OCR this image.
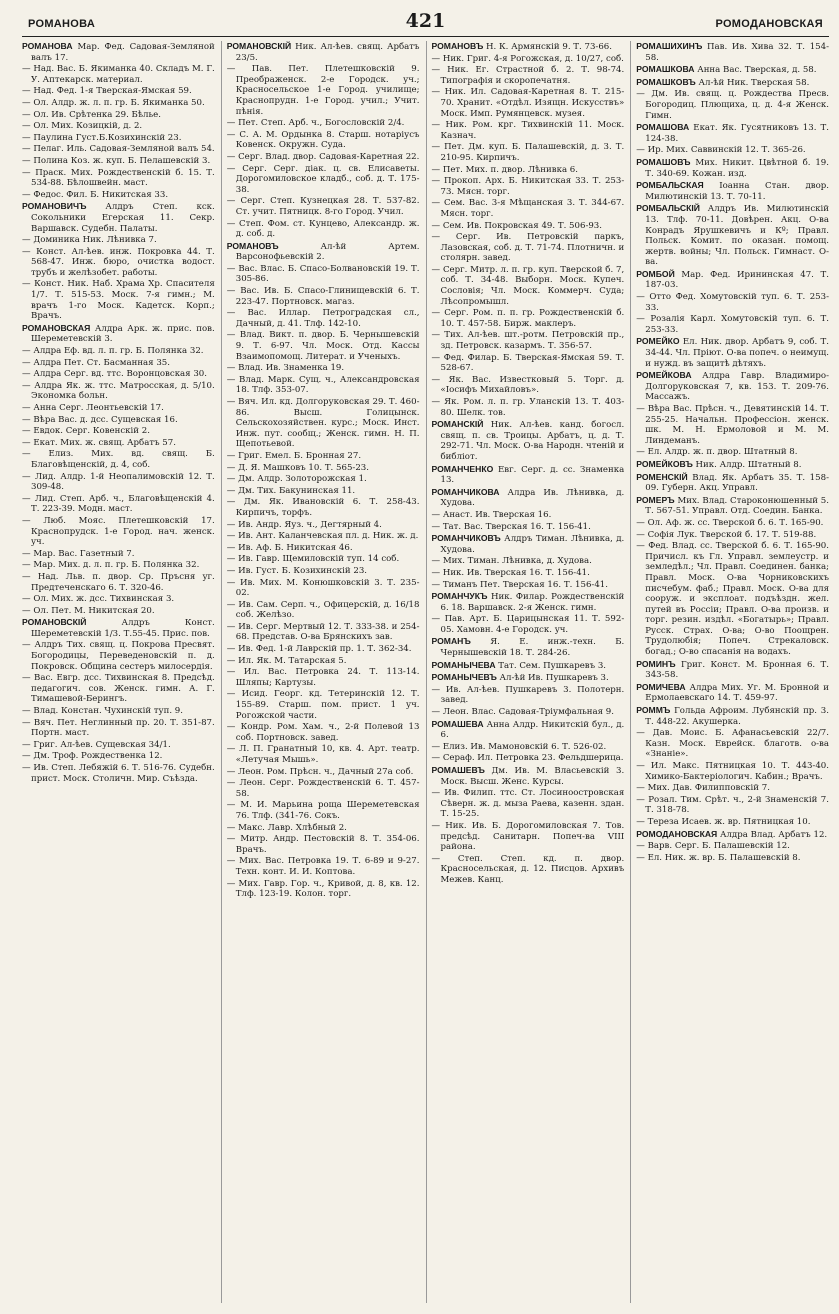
РОМАНОВА	421	РОМОДАНОВСКАЯ
РОМАНОВА Мар. Фед. Садовая-Земляной валъ 17.
— Над. Вас. Б. Якиманка 40. Складъ М. Г. У. Аптекарск. материал.
— Над. Фед. 1-я Тверская-Ямская 59.
— Ол. Алдр. ж. л. п. гр. Б. Якиманка 50.
— Ол. Ив. Срѣтенка 29. Бѣлье.
— Ол. Мих. Козицкій, д. 2.
— Паулина Густ.Б.Козихинскій 23.
— Пелаг. Иль. Садовая-Земляной валъ 54.
— Полина Коз. ж. куп. Б. Пелашевскій 3.
— Праск. Мих. Рождественскій б. 15. Т. 534-88. Бѣлошвейн. маст.
— Федос. Фил. Б. Никитская 33.
РОМАНОВИЧЪ Алдръ Степ. кск. Сокольники Егерская 11. Секр. Варшавск. Судебн. Палаты.
— Доминика Ник. Лѣнивка 7.
— Конст. Ал-ѣев. инж. Покровка 44. Т. 568-47. Инж. бюро, очистка водост. трубъ и желѣзобет. работы.
— Конст. Ник. Наб. Храма Хр. Спасителя 1/7. Т. 515-53. Моск. 7-я гимн.; М. врачъ 1-го Моск. Кадетск. Корп.; Врачъ.
РОМАНОВСКАЯ Алдра Арк. ж. прис. пов. Шереметевскій 3.
— Алдра Еф. вд. л. п. гр. Б. Полянка 32.
— Алдра Пет. Ст. Басманная 35.
— Алдра Серг. вд. ттс. Воронцовская 30.
— Алдра Як. ж. ттс. Матросская, д. 5/10. Экономка больн.
— Анна Серг. Леонтьевскій 17.
— Вѣра Вас. д. дсс. Сущевская 16.
— Евдок. Серг. Ковенскій 2.
— Екат. Мих. ж. свящ. Арбатъ 57.
— Елиз. Мих. вд. свящ. Б. Благовѣщенскій, д. 4, соб.
— Лид. Алдр. 1-й Неопалимовскій 12. Т. 309-48.
— Лид. Степ. Арб. ч., Благовѣщенскій 4. Т. 223-39. Модн. маст.
— Люб. Мояс. Плетешковскій 17. Краснопрудск. 1-е Город. нач. женск. уч.
— Мар. Вас. Газетный 7.
— Мар. Мих. д. л. п. гр. Б. Полянка 32.
— Над. Льв. п. двор. Ср. Пръсня уг. Предтеченскаго 6. Т. 320-46.
— Ол. Мих. ж. дсс. Тихвинская 3.
— Ол. Пет. М. Никитская 20.
РОМАНОВСКІЙ Алдръ Конст. Шереметевскій 1/3. Т.55-45. Прис. пов.
— Алдръ Тих. свящ. ц. Покрова Пресвят. Богородицы, Переведеновскій п. д. Покровск. Община сестеръ милосердія.
— Вас. Евгр. дсс. Тихвинская 8. Предсѣд. педагогич. сов. Женск. гимн. А. Г. Тимашевой-Берингъ.
— Влад. Констан. Чухинскій туп. 9.
— Вяч. Пет. Неглинный пр. 20. Т. 351-87. Портн. маст.
— Григ. Ал-ѣев. Сущевская 34/1.
— Дм. Троф. Рождественка 12.
— Ив. Степ. Лебяжій 6. Т. 516-76. Судебн. прист. Моск. Столичн. Мир. Съѣзда.
РОМАНОВСКІЙ Ник. Ал-ѣев. свящ. Арбатъ 23/5.
— Пав. Пет. Плетешковскій 9. Преображенск. 2-е Городск. уч.; Красносельское 1-е Город. училище; Краснопрудн. 1-е Город. учил.; Учит. пѣнія.
— Пет. Степ. Арб. ч., Богословскій 2/4.
— С. А. М. Ордынка 8. Старш. нотаріусъ Ковенск. Окружн. Суда.
— Серг. Влад. двор. Садовая-Каретная 22.
— Серг. Серг. діак. ц. св. Елисаветы. Дорогомиловское кладб., соб. д. Т. 175-38.
— Серг. Степ. Кузнецкая 28. Т. 537-82. Ст. учит. Пятницк. 8-го Город. Учил.
— Степ. Фом. ст. Кунцево, Александр. ж. д. соб. д.
РОМАНОВЪ Ал-ѣй Артем. Варсонофьевскій 2.
— Вас. Влас. Б. Спасо-Болвановскій 19. Т. 305-86.
— Вас. Ив. Б. Спасо-Глинищевскій 6. Т. 223-47. Портновск. магаз.
— Вас. Иллар. Петроградская сл., Дачный, д. 41. Тлф. 142-10.
— Влад. Викт. п. двор. Б. Чернышевскій 9. Т. 6-97. Чл. Моск. Отд. Кассы Взаимопомощ. Литерат. и Ученыхъ.
— Влад. Ив. Знаменка 19.
— Влад. Марк. Сущ. ч., Александровская 18. Тлф. 353-07.
— Вяч. Ил. кд. Долгоруковская 29. Т. 460-86. Высш. Голицынск. Сельскохозяйствен. курс.; Моск. Инст. Инж. пут. сообщ.; Женск. гимн. Н. П. Щепотьевой.
— Григ. Емел. Б. Бронная 27.
— Д. Я. Машковъ 10. Т. 565-23.
— Дм. Алдр. Золоторожская 1.
— Дм. Тих. Бакунинская 11.
— Дм. Як. Ивановскій 6. Т. 258-43. Кирпичъ, торфъ.
— Ив. Андр. Яуз. ч., Дегтярный 4.
— Ив. Ант. Каланчевская пл. д. Ник. ж. д.
— Ив. Аф. Б. Никитская 46.
— Ив. Гавр. Щемиловскій туп. 14 соб.
— Ив. Густ. Б. Козихинскій 23.
— Ив. Мих. М. Конюшковскій 3. Т. 235-02.
— Ив. Сам. Серп. ч., Офицерскій, д. 16/18 соб. Желѣзо.
— Ив. Серг. Мертвый 12. Т. 333-38. и 254-68. Представ. О-ва Брянскихъ зав.
— Ив. Фед. 1-й Лаврскій пр. 1. Т. 362-34.
— Ил. Як. М. Татарская 5.
— Ил. Вас. Петровка 24. Т. 113-14. Шляпы; Картузы.
— Исид. Георг. кд. Тетеринскій 12. Т. 155-89. Старш. пом. прист. 1 уч. Рогожской части.
— Кондр. Ром. Хам. ч., 2-й Полевой 13 соб. Портновск. завед.
— Л. П. Гранатный 10, кв. 4. Арт. театр. «Летучая Мышь».
— Леон. Ром. Прѣсн. ч., Дачный 27а соб.
— Леон. Серг. Рождественскій 6. Т. 457-58.
— М. И. Марьина роща Шереметевская 76. Тлф. (341-76. Сокъ.
— Макс. Лавр. Хлѣбный 2.
— Митр. Андр. Пестовскій 8. Т. 354-06. Врачъ.
— Мих. Вас. Петровка 19. Т. 6-89 и 9-27. Техн. конт. И. И. Коптова.
— Мих. Гавр. Гор. ч., Кривой, д. 8, кв. 12. Тлф. 123-19. Колон. торг.
РОМАНОВЪ Н. К. Армянскій 9. Т. 73-66.
— Ник. Григ. 4-я Рогожская, д. 10/27, соб.
— Ник. Ег. Страстной б. 2. Т. 98-74. Типографія и скоропечатня.
— Ник. Ил. Садовая-Каретная 8. Т. 215-70. Хранит. «Отдѣл. Изящн. Искусствъ» Моск. Имп. Румянцевск. музея.
— Ник. Ром. крг. Тихвинскій 11. Моск. Казнач.
— Пет. Дм. куп. Б. Палашевскій, д. 3. Т. 210-95. Кирпичъ.
— Пет. Мих. п. двор. Лѣнивка 6.
— Прокоп. Арх. Б. Никитская 33. Т. 253-73. Мясн. торг.
— Сем. Вас. 3-я Мѣщанская 3. Т. 344-67. Мясн. торг.
— Сем. Ив. Покровская 49. Т. 506-93.
— Серг. Ив. Петровскій паркъ, Лазовская, соб. д. Т. 71-74. Плотничн. и столярн. завед.
— Серг. Митр. л. п. гр. куп. Тверской б. 7, соб. Т. 34-48. Выборн. Моск. Купеч. Сословія; Чл. Моск. Коммерч. Суда; Лѣсопромышл.
— Серг. Ром. п. п. гр. Рождественскій б. 10. Т. 457-58. Бирж. маклеръ.
— Тих. Ал-ѣев. шт.-ротм. Петровскій пр., зд. Петровск. казармъ. Т. 356-57.
— Фед. Филар. Б. Тверская-Ямская 59. Т. 528-67.
— Як. Вас. Известковый 5. Торг. д. «Іосифъ Михайловъ».
— Як. Ром. л. п. гр. Уланскій 13. Т. 403-80. Шелк. тов.
РОМАНСКІЙ Ник. Ал-ѣев. канд. богосл. свящ. п. св. Троицы. Арбатъ, ц. д. Т. 292-71. Чл. Моск. О-ва Народн. чтеній и библіот.
РОМАНЧЕНКО Евг. Серг. д. сс. Знаменка 13.
РОМАНЧИКОВА Алдра Ив. Лѣнивка, д. Худова.
— Анаст. Ив. Тверская 16.
— Тат. Вас. Тверская 16. Т. 156-41.
РОМАНЧИКОВЪ Алдръ Тиман. Лѣнивка, д. Худова.
— Мих. Тиман. Лѣнивка, д. Худова.
— Ник. Ив. Тверская 16. Т. 156-41.
— Тиманъ Пет. Тверская 16. Т. 156-41.
РОМАНЧУКЪ Ник. Филар. Рождественскій 6. 18. Варшавск. 2-я Женск. гимн.
— Пав. Арт. Б. Царицынская 11. Т. 592-05. Хамовн. 4-е Городск. уч.
РОМАНЪ Я. Е. инж.-техн. Б. Чернышевскій 18. Т. 284-26.
РОМАНЫЧЕВА Тат. Сем. Пушкаревъ 3.
РОМАНЫЧЕВЪ Ал-ѣй Ив. Пушкаревъ 3.
— Ив. Ал-ѣев. Пушкаревъ 3. Полотерн. завед.
— Леон. Влас. Садовая-Тріумфальная 9.
РОМАШЕВА Анна Алдр. Никитскій бул., д. 6.
— Елиз. Ив. Мамоновскій 6. Т. 526-02.
— Сераф. Ил. Петровка 23. Фельдшерица.
РОМАШЕВЪ Дм. Ив. М. Власьевскій 3. Моск. Высш. Женс. Курсы.
— Ив. Филип. ттс. Ст. Лосиноостровская Сѣверн. ж. д. мыза Раева, казенн. здан. Т. 15-25.
— Ник. Ив. Б. Дорогомиловская 7. Тов. предсѣд. Санитарн. Попеч-ва VIII района.
— Степ. Степ. кд. п. двор. Красносельская, д. 12. Писцов. Архивъ Межев. Канц.
РОМАШИХИНЪ Пав. Ив. Хива 32. Т. 154-58.
РОМАШКОВА Анна Вас. Тверская, д. 58.
РОМАШКОВЪ Ал-ѣй Ник. Тверская 58.
— Дм. Ив. свящ. ц. Рождества Пресв. Богородиц. Плющиха, ц. д. 4-я Женск. Гимн.
РОМАШОВА Екат. Як. Гусятниковъ 13. Т. 124-38.
— Ир. Мих. Саввинскій 12. Т. 365-26.
РОМАШОВЪ Мих. Никит. Цвѣтной б. 19. Т. 340-69. Кожан. изд.
РОМБАЛЬСКАЯ Іоанна Стан. двор. Милютинскій 13. Т. 70-11.
РОМБАЛЬСКІЙ Алдръ Ив. Милютинскій 13. Тлф. 70-11. Довѣрен. Акц. О-ва Конрадъ Ярушкевичъ и Кº; Правл. Польск. Комит. по оказан. помощ. жертв. войны; Чл. Польск. Гимнаст. О-ва.
РОМБОЙ Мар. Фед. Ирининская 47. Т. 187-03.
— Отто Фед. Хомутовскій туп. 6. Т. 253-33.
— Розалія Карл. Хомутовскій туп. 6. Т. 253-33.
РОМЕЙКО Ел. Ник. двор. Арбатъ 9, соб. Т. 34-44. Чл. Пріют. О-ва попеч. о неимущ. и нужд. въ защитѣ дѣтяхъ.
РОМЕЙКОВА Алдра Гавр. Владимиро-Долгоруковская 7, кв. 153. Т. 209-76. Массажъ.
— Вѣра Вас. Прѣсн. ч., Девятинскій 14. Т. 255-25. Начальн. Профессіон. женск. шк. М. Н. Ермоловой и М. М. Линдеманъ.
— Ел. Алдр. ж. п. двор. Штатный 8.
РОМЕЙКОВЪ Ник. Алдр. Штатный 8.
РОМЕНСКІЙ Влад. Як. Арбатъ 35. Т. 158-09. Губерн. Акц. Управл.
РОМЕРЪ Мих. Влад. Староконюшенный 5. Т. 567-51. Управл. Отд. Соедин. Банка.
— Ол. Аф. ж. сс. Тверской б. 6. Т. 165-90.
— Софія Лук. Тверской б. 17. Т. 519-88.
— Фед. Влад. сс. Тверской б. 6. Т. 165-90. Причисл. къ Гл. Управл. землеустр. и земледѣл.; Чл. Правл. Соединен. банка; Правл. Моск. О-ва Чорниковскихъ писчебум. фаб.; Правл. Моск. О-ва для сооруж. и эксплоат. подъѣздн. жел. путей въ Россіи; Правл. О-ва произв. и торг. резин. издѣл. «Богатырь»; Правл. Русск. Страх. О-ва; О-во Поощрен. Трудолюбія; Попеч. Стрекаловск. богад.; О-во спасанія на водахъ.
РОМИНЪ Григ. Конст. М. Бронная 6. Т. 343-58.
РОМИЧЕВА Алдра Мих. Уг. М. Бронной и Ермолаевскаго 14. Т. 459-97.
РОММЪ Гольда Афроим. Лубянскій пр. 3. Т. 448-22. Акушерка.
— Дав. Моис. Б. Афанасьевскій 22/7. Казн. Моск. Еврейск. благотв. о-ва «Знаніе».
— Ил. Макс. Пятницкая 10. Т. 443-40. Химико-Бактеріологич. Кабин.; Врачъ.
— Мих. Дав. Филипповскій 7.
— Розал. Тим. Срѣт. ч., 2-й Знаменскій 7. Т. 318-78.
— Тереза Исаев. ж. вр. Пятницкая 10.
РОМОДАНОВСКАЯ Алдра Влад. Арбатъ 12.
— Варв. Серг. Б. Палашевскій 12.
— Ел. Ник. ж. вр. Б. Палашевскій 8.
